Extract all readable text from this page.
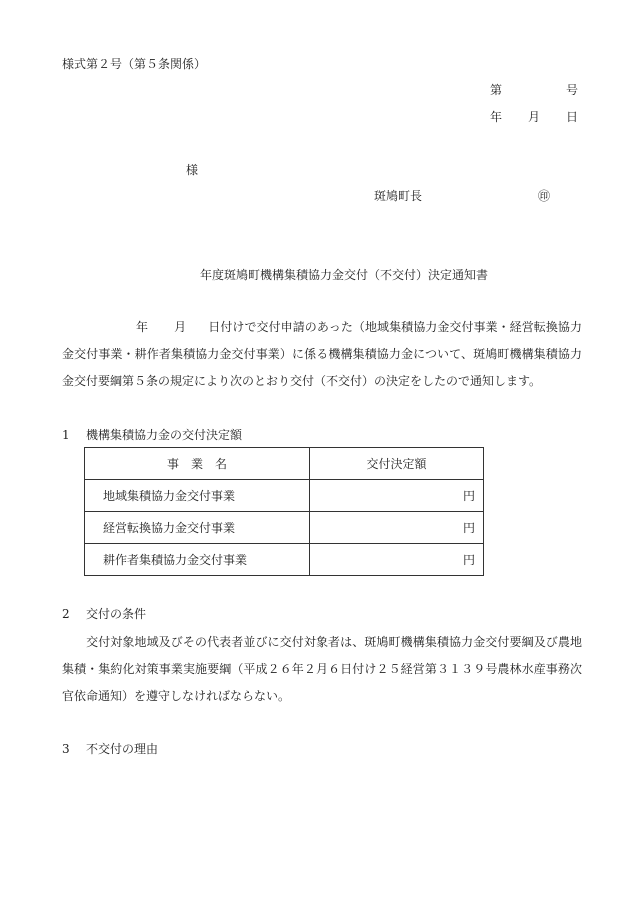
様式第２号（第５条関係）
第	号
年 月 日
様
斑鳩町長	㊞
年度斑鳩町機構集積協力金交付（不交付）決定通知書
年 月 日付けで交付申請のあった（地域集積協力金交付事業・経営転換協力金交付事業・耕作者集積協力金交付事業）に係る機構集積協力金について、斑鳩町機構集積協力金交付要綱第５条の規定により次のとおり交付（不交付）の決定をしたので通知します。
1 機構集積協力金の交付決定額
事　業　名	交付決定額
地域集積協力金交付事業	円
経営転換協力金交付事業	円
耕作者集積協力金交付事業	円
2 交付の条件
交付対象地域及びその代表者並びに交付対象者は、斑鳩町機構集積協力金交付要綱及び農地集積・集約化対策事業実施要綱（平成２６年２月６日付け２５経営第３１３９号農林水産事務次官依命通知）を遵守しなければならない。
3 不交付の理由
